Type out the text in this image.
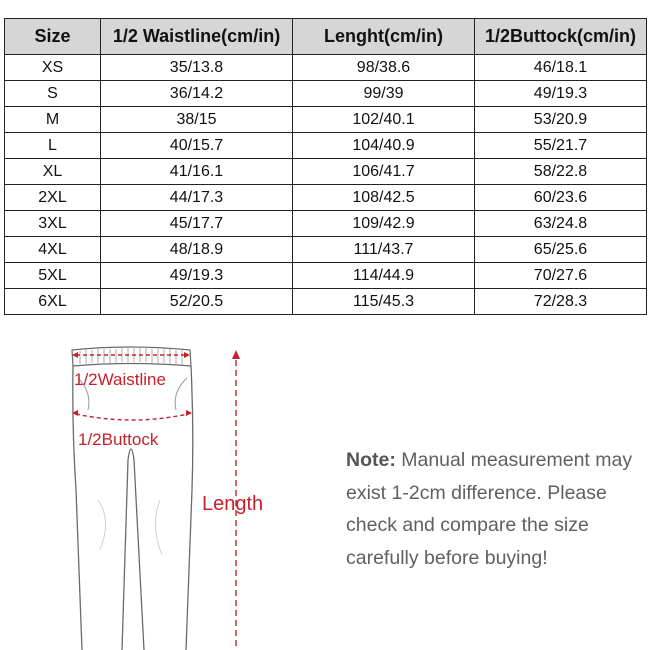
Size	1/2 Waistline(cm/in)	Lenght(cm/in)	1/2Buttock(cm/in)
XS	35/13.8	98/38.6	46/18.1
S	36/14.2	99/39	49/19.3
M	38/15	102/40.1	53/20.9
L	40/15.7	104/40.9	55/21.7
XL	41/16.1	106/41.7	58/22.8
2XL	44/17.3	108/42.5	60/23.6
3XL	45/17.7	109/42.9	63/24.8
4XL	48/18.9	111/43.7	65/25.6
5XL	49/19.3	114/44.9	70/27.6
6XL	52/20.5	115/45.3	72/28.3
1/2Waistline
1/2Buttock
Length
Note: Manual measurement may exist 1-2cm difference. Please check and compare the size carefully before buying!
